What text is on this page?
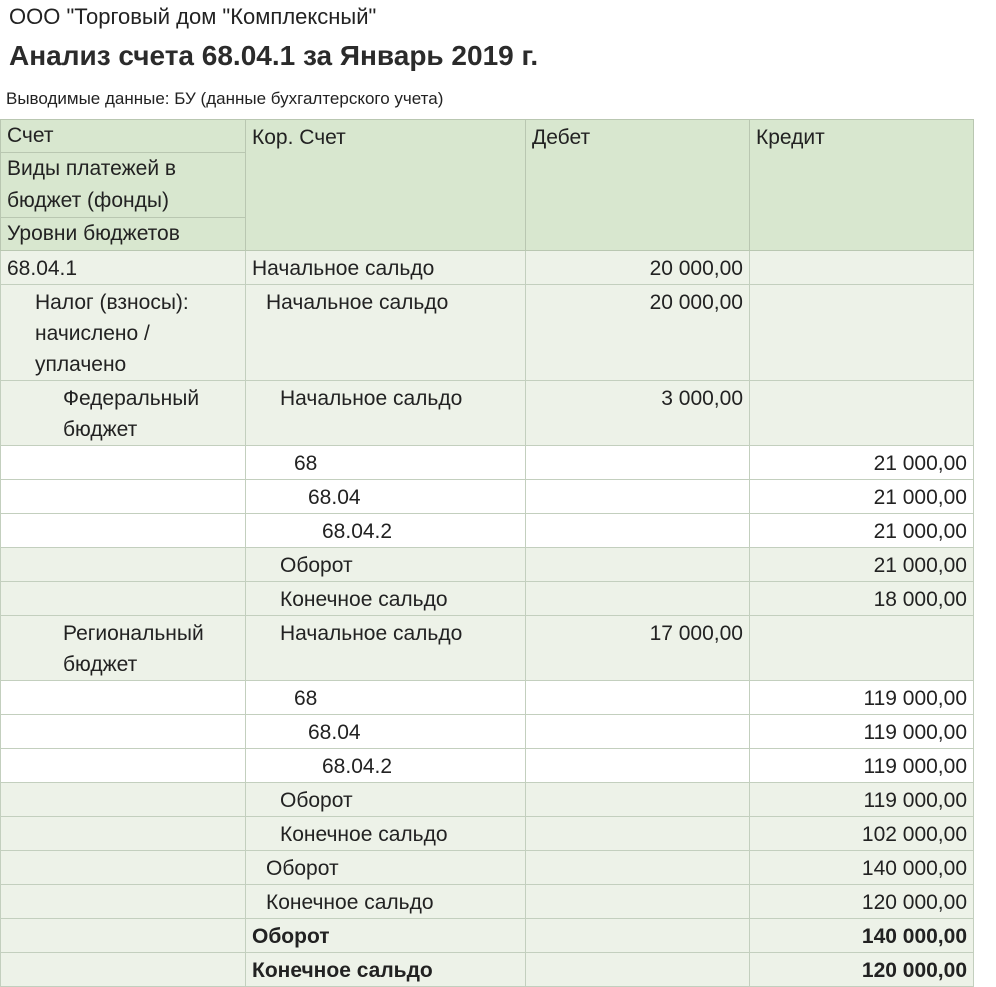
ООО "Торговый дом "Комплексный"
Анализ счета 68.04.1 за Январь 2019 г.
Выводимые данные: БУ (данные бухгалтерского учета)
Счет
Виды платежей в бюджет (фонды)
Уровни бюджетов	Кор. Счет	Дебет	Кредит
68.04.1	Начальное сальдо	20 000,00	
Налог (взносы): начислено / уплачено	Начальное сальдо	20 000,00	
Федеральный бюджет	Начальное сальдо	3 000,00	
	68		21 000,00
	68.04		21 000,00
	68.04.2		21 000,00
	Оборот		21 000,00
	Конечное сальдо		18 000,00
Региональный бюджет	Начальное сальдо	17 000,00	
	68		119 000,00
	68.04		119 000,00
	68.04.2		119 000,00
	Оборот		119 000,00
	Конечное сальдо		102 000,00
	Оборот		140 000,00
	Конечное сальдо		120 000,00
	Оборот		140 000,00
	Конечное сальдо		120 000,00
